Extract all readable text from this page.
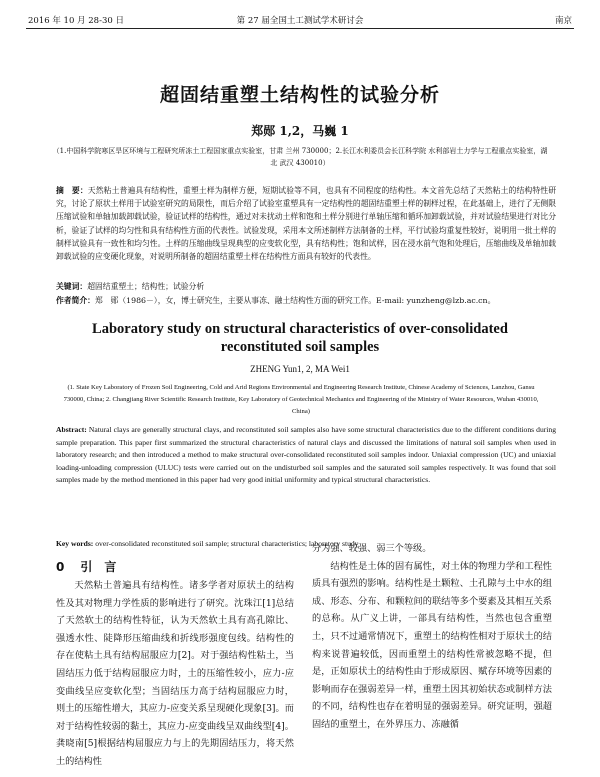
2016 年 10 月 28-30 日	第 27 届全国土工测试学术研讨会	南京
超固结重塑土结构性的试验分析
郑郧 1,2，马巍 1
（1.中国科学院寒区旱区环境与工程研究所冻土工程国家重点实验室，甘肃 兰州 730000；2.长江水利委员会长江科学院 水利部岩土力学与工程重点实验室，湖北 武汉 430010）
摘　要：天然粘土普遍具有结构性，重塑土样为制样方便，短期试验等不同，也具有不同程度的结构性。本文首先总结了天然粘土的结构特性研究，讨论了原状土样用于试验室研究的局限性，而后介绍了试验室重塑具有一定结构性的超固结重塑土样的制样过程，在此基础上，进行了无侧限压缩试验和单轴加载卸载试验，验证试样的结构性，通过对未扰动土样和饱和土样分别进行单轴压缩和循环加卸载试验，并对试验结果进行对比分析，验证了试样的均匀性和具有结构性方面的代表性。试验发现，采用本文所述制样方法制备的土样，平行试验均重复性较好，说明用一批土样的制样试验具有一致性和均匀性。土样的压缩曲线呈现典型的应变软化型，具有结构性；饱和试样，因在浸水前气饱和处理后，压缩曲线及单轴加载卸载试验的应变硬化现象，对说明所制备的超固结重塑土样在结构性方面具有较好的代表性。
关键词：超固结重塑土；结构性；试验分析
作者简介：郑　郧（1986－），女，博士研究生，主要从事冻、融土结构性方面的研究工作。E-mail: yunzheng@lzb.ac.cn。
Laboratory study on structural characteristics of over-consolidated reconstituted soil samples
ZHENG Yun1, 2, MA Wei1
(1. State Key Laboratory of Frozen Soil Engineering, Cold and Arid Regions Environmental and Engineering Research Institute, Chinese Academy of Sciences, Lanzhou, Gansu 730000, China; 2. Changjiang River Scientific Research Institute, Key Laboratory of Geotechnical Mechanics and Engineering of the Ministry of Water Resources, Wuhan 430010, China)
Abstract: Natural clays are generally structural clays, and reconstituted soil samples also have some structural characteristics due to the different conditions during sample preparation. This paper first summarized the structural characteristics of natural clays and discussed the limitations of natural soil samples when used in laboratory research; and then introduced a method to make structural over-consolidated reconstituted soil samples indoor. Uniaxial compression (UC) and uniaxial loading-unloading compression (ULUC) tests were carried out on the undisturbed soil samples and the saturated soil samples respectively. It was found that soil samples made by the method mentioned in this paper had very good initial uniformity and typical structural characteristics.
Key words: over-consolidated reconstituted soil sample; structural characteristics; laboratory study
0 引　言

天然粘土普遍具有结构性。诸多学者对原状土的结构性及其对物理力学性质的影响进行了研究。沈珠江[1]总结了天然软土的结构性特征，认为天然软土具有高孔隙比、强透水性、陡降形压缩曲线和折线形强度包线。结构性的存在使粘土具有结构屈服应力[2]。对于强结构性粘土，当固结压力低于结构屈服应力时，土的压缩性较小，应力-应变曲线呈应变软化型；当固结压力高于结构屈服应力时，则土的压缩性增大，其应力-应变关系呈现硬化现象[3]。而对于结构性较弱的黏土，其应力-应变曲线呈双曲线型[4]。龚晓南[5]根据结构屈服应力与上的先期固结压力，将天然土的结构性

分为强、较强、弱三个等级。

结构性是土体的固有属性，对土体的物理力学和工程性质具有强烈的影响。结构性是土颗粒、土孔隙与土中水的组成、形态、分布、和颗粒间的联结等多个要素及其相互关系的总称。从广义上讲，一部具有结构性，当然也包含重塑土，只不过通常情况下，重塑土的结构性相对于原状土的结构来说普遍较低，因而重塑土的结构性常被忽略不提，但是，正如原状土的结构性由于形成原因、赋存环境等因素的影响而存在强弱差异一样，重塑土因其初始状态或制样方法的不同，结构性也存在着明显的强弱差异。研究证明，强超固结的重塑土，在外界压力、冻融循
